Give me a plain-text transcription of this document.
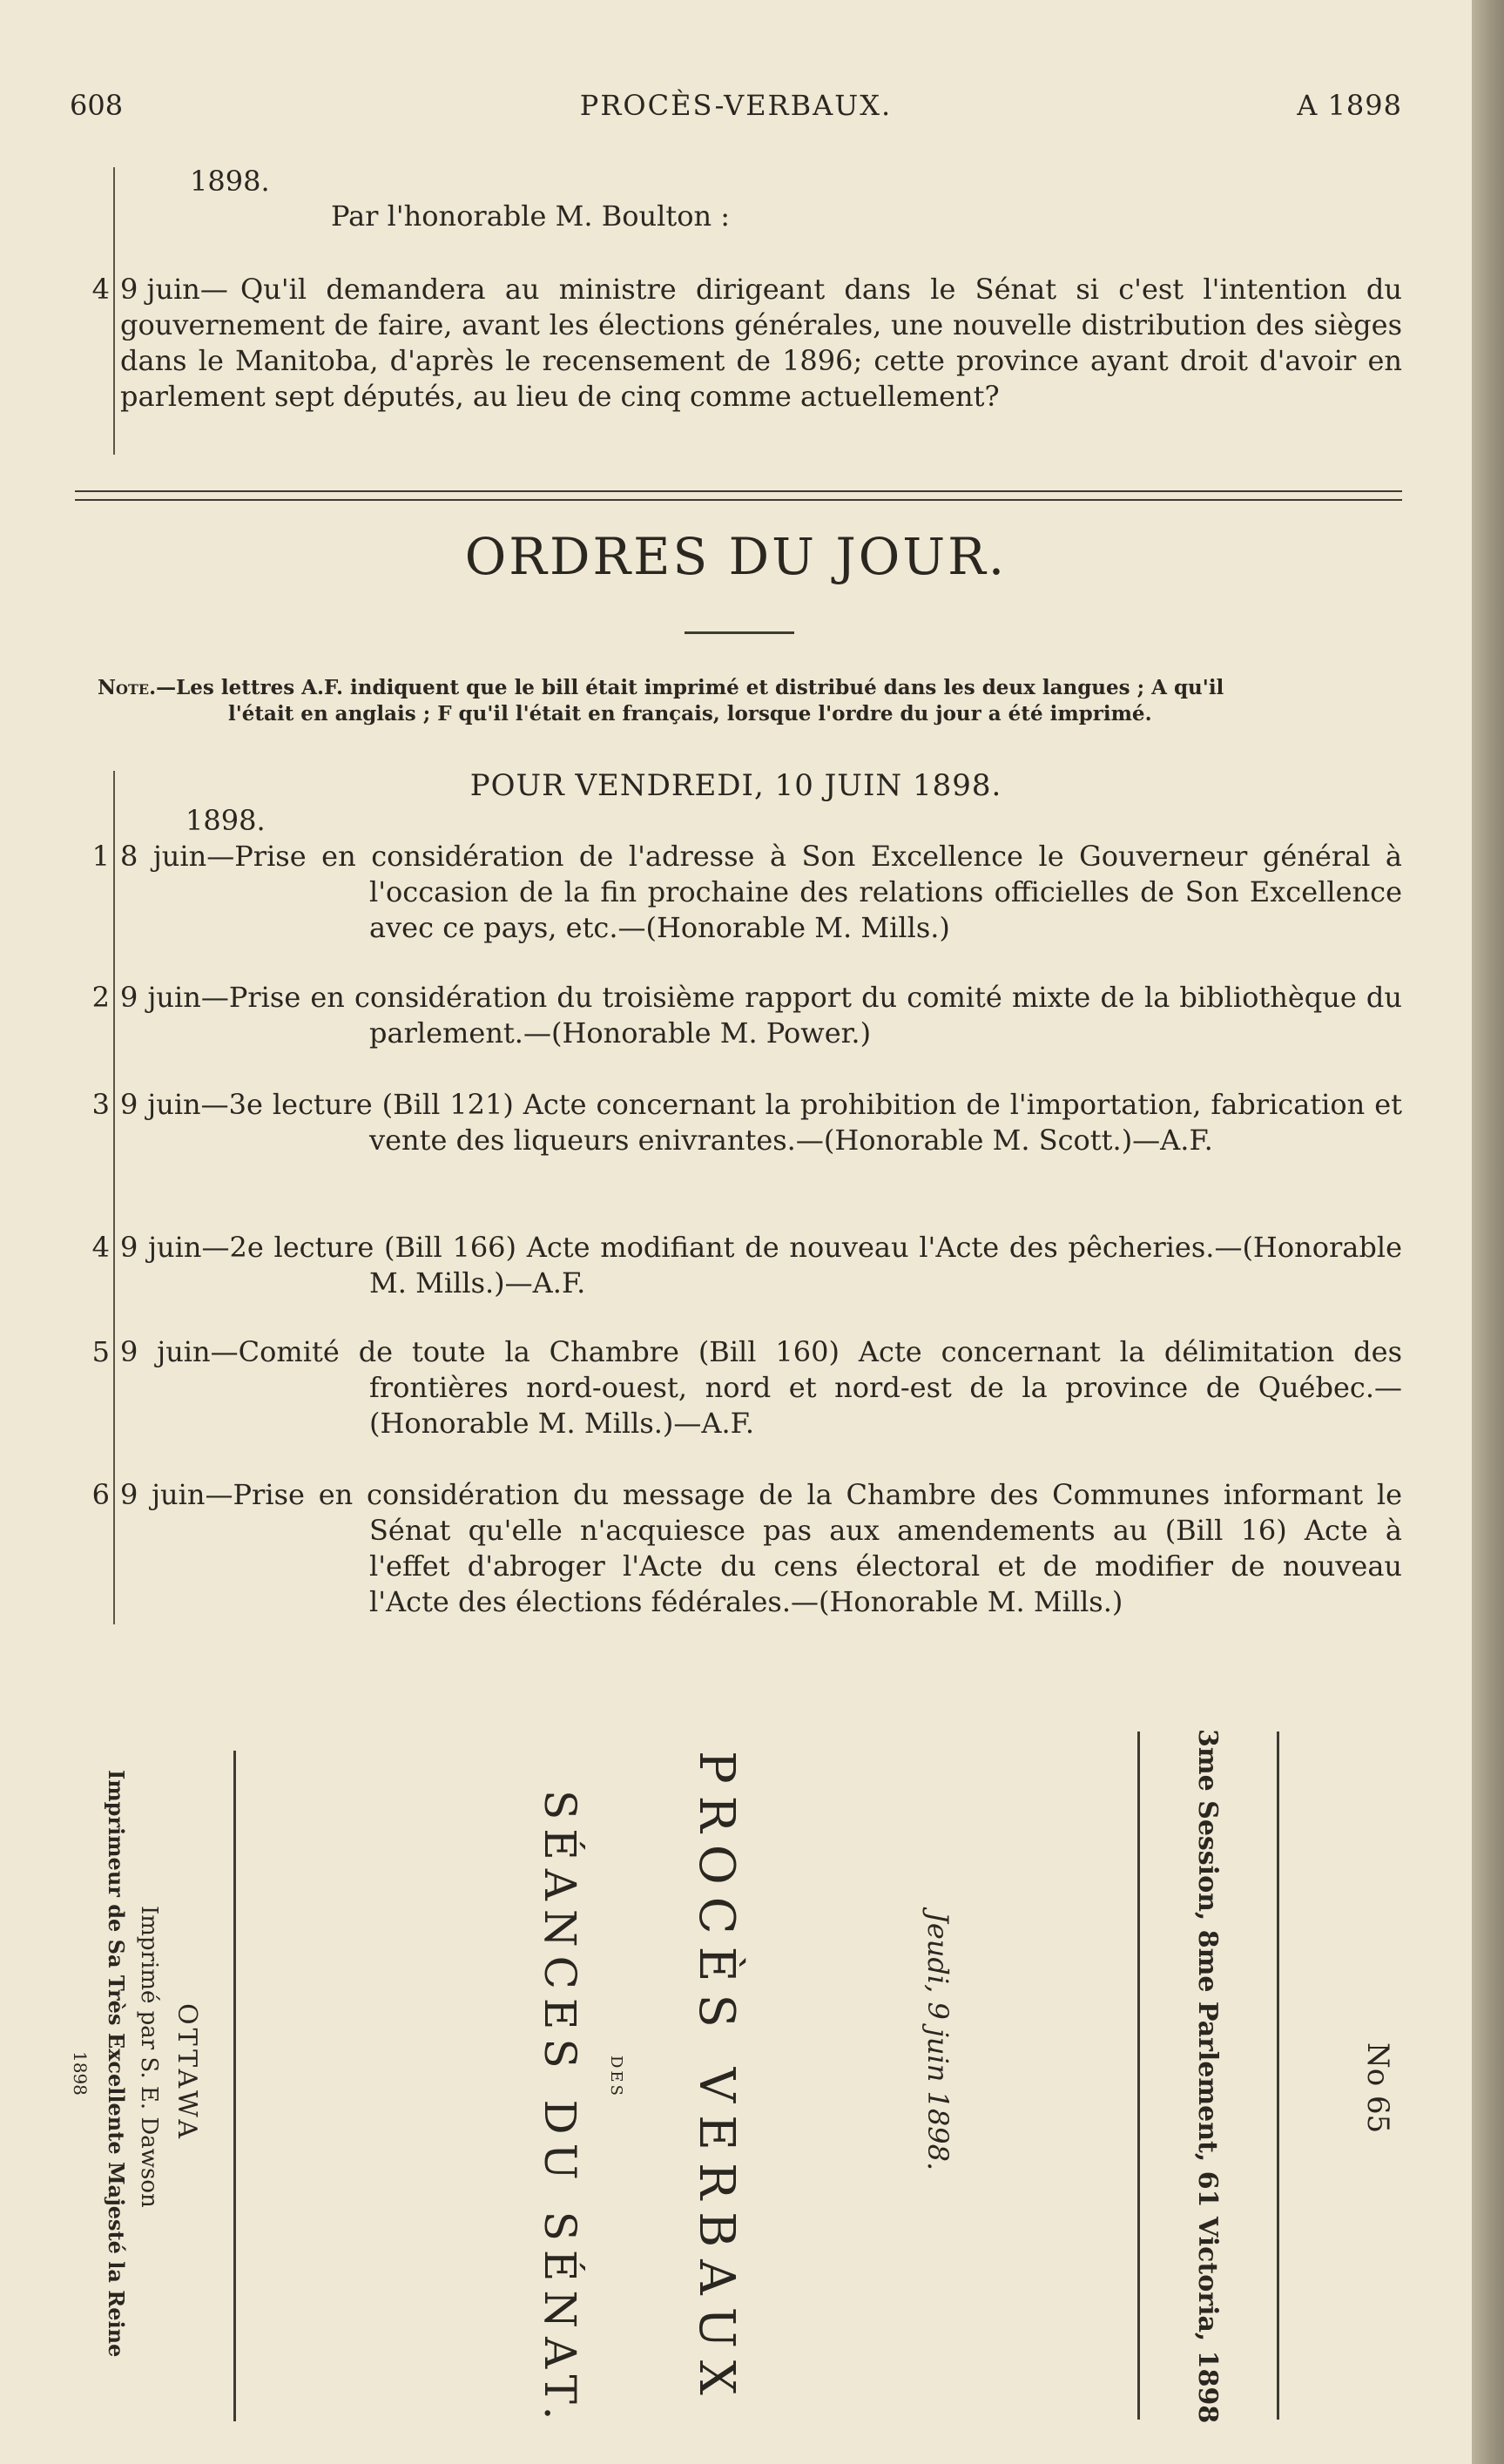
608	PROCÈS-VERBAUX.	A 1898
1898.
Par l'honorable M. Boulton :
4 9 juin— Qu'il demandera au ministre dirigeant dans le Sénat si c'est l'intention du gouvernement de faire, avant les élections générales, une nouvelle distribution des sièges dans le Manitoba, d'après le recensement de 1896; cette province ayant droit d'avoir en parlement sept députés, au lieu de cinq comme actuellement?
ORDRES DU JOUR.
Note.—Les lettres A.F. indiquent que le bill était imprimé et distribué dans les deux langues ; A qu'il
l'était en anglais ; F qu'il l'était en français, lorsque l'ordre du jour a été imprimé.
POUR VENDREDI, 10 JUIN 1898.
1898.
1 8 juin—Prise en considération de l'adresse à Son Excellence le Gouverneur général à l'occasion de la fin prochaine des relations officielles de Son Excellence avec ce pays, etc.—(Honorable M. Mills.)
2 9 juin—Prise en considération du troisième rapport du comité mixte de la bibliothèque du parlement.—(Honorable M. Power.)
3 9 juin—3e lecture (Bill 121) Acte concernant la prohibition de l'importation, fabrication et vente des liqueurs enivrantes.—(Honorable M. Scott.)—A.F.
4 9 juin—2e lecture (Bill 166) Acte modifiant de nouveau l'Acte des pêcheries.—(Honorable M. Mills.)—A.F.
5 9 juin—Comité de toute la Chambre (Bill 160) Acte concernant la délimitation des frontières nord-ouest, nord et nord-est de la province de Québec.—(Honorable M. Mills.)—A.F.
6 9 juin—Prise en considération du message de la Chambre des Communes informant le Sénat qu'elle n'acquiesce pas aux amendements au (Bill 16) Acte à l'effet d'abroger l'Acte du cens électoral et de modifier de nouveau l'Acte des élections fédérales.—(Honorable M. Mills.)
No 65
3me Session, 8me Parlement, 61 Victoria, 1898
Jeudi, 9 juin 1898.
PROCÈS VERBAUX
DES
SÉANCES DU SÉNAT.
OTTAWA
Imprimé par S. E. Dawson
Imprimeur de Sa Très Excellente Majesté la Reine
1898
